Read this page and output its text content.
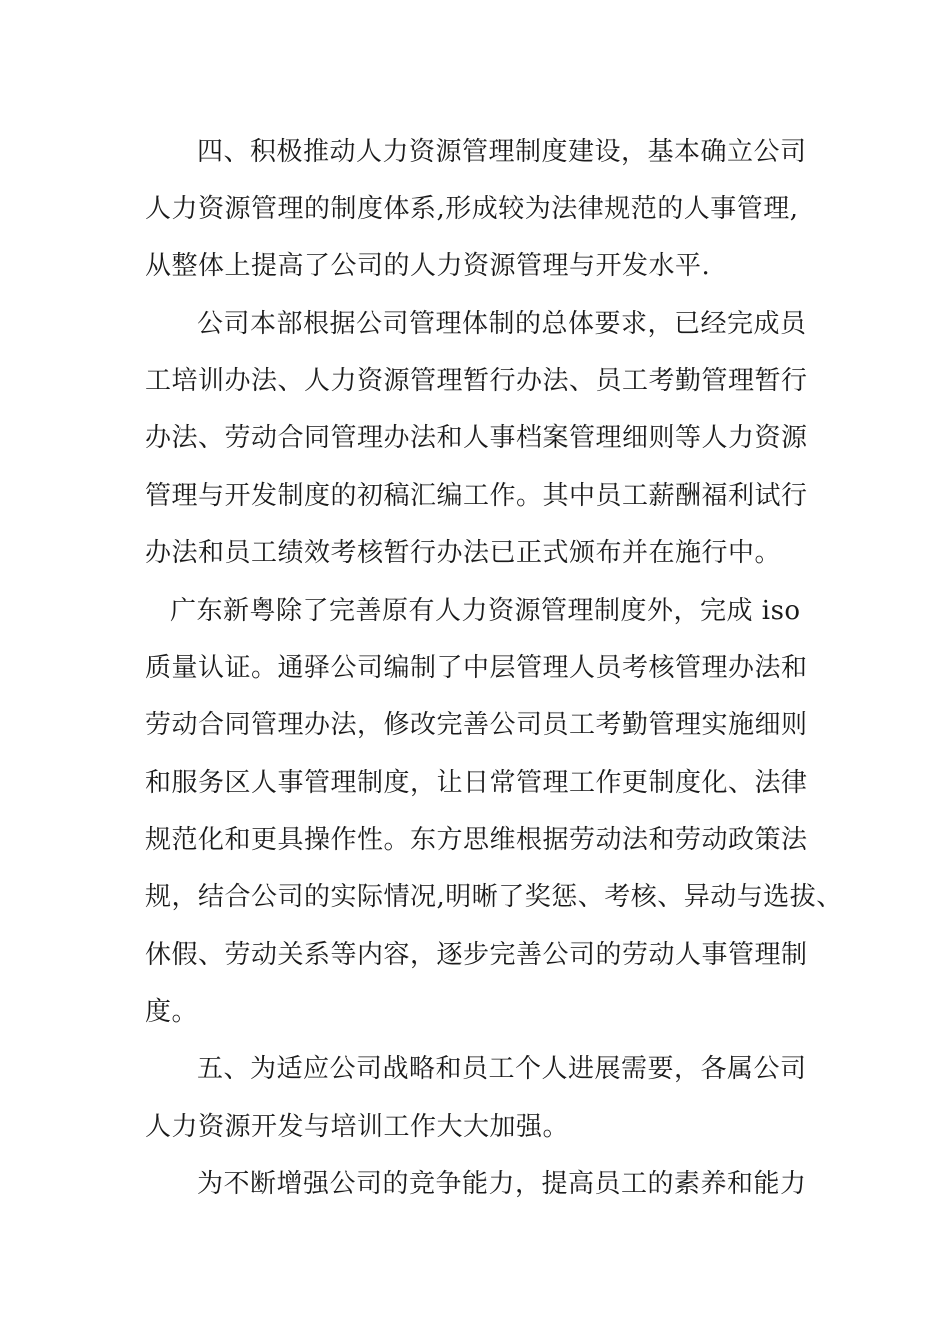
四、积极推动人力资源管理制度建设，基本确立公司
人力资源管理的制度体系,形成较为法律规范的人事管理,
从整体上提高了公司的人力资源管理与开发水平.
公司本部根据公司管理体制的总体要求，已经完成员
工培训办法、人力资源管理暂行办法、员工考勤管理暂行
办法、劳动合同管理办法和人事档案管理细则等人力资源
管理与开发制度的初稿汇编工作。其中员工薪酬福利试行
办法和员工绩效考核暂行办法已正式颁布并在施行中。
广东新粤除了完善原有人力资源管理制度外，完成 iso
质量认证。通驿公司编制了中层管理人员考核管理办法和
劳动合同管理办法，修改完善公司员工考勤管理实施细则
和服务区人事管理制度，让日常管理工作更制度化、法律
规范化和更具操作性。东方思维根据劳动法和劳动政策法
规，结合公司的实际情况,明晰了奖惩、考核、异动与选拔、
休假、劳动关系等内容，逐步完善公司的劳动人事管理制
度。
五、为适应公司战略和员工个人进展需要，各属公司
人力资源开发与培训工作大大加强。
为不断增强公司的竞争能力，提高员工的素养和能力
